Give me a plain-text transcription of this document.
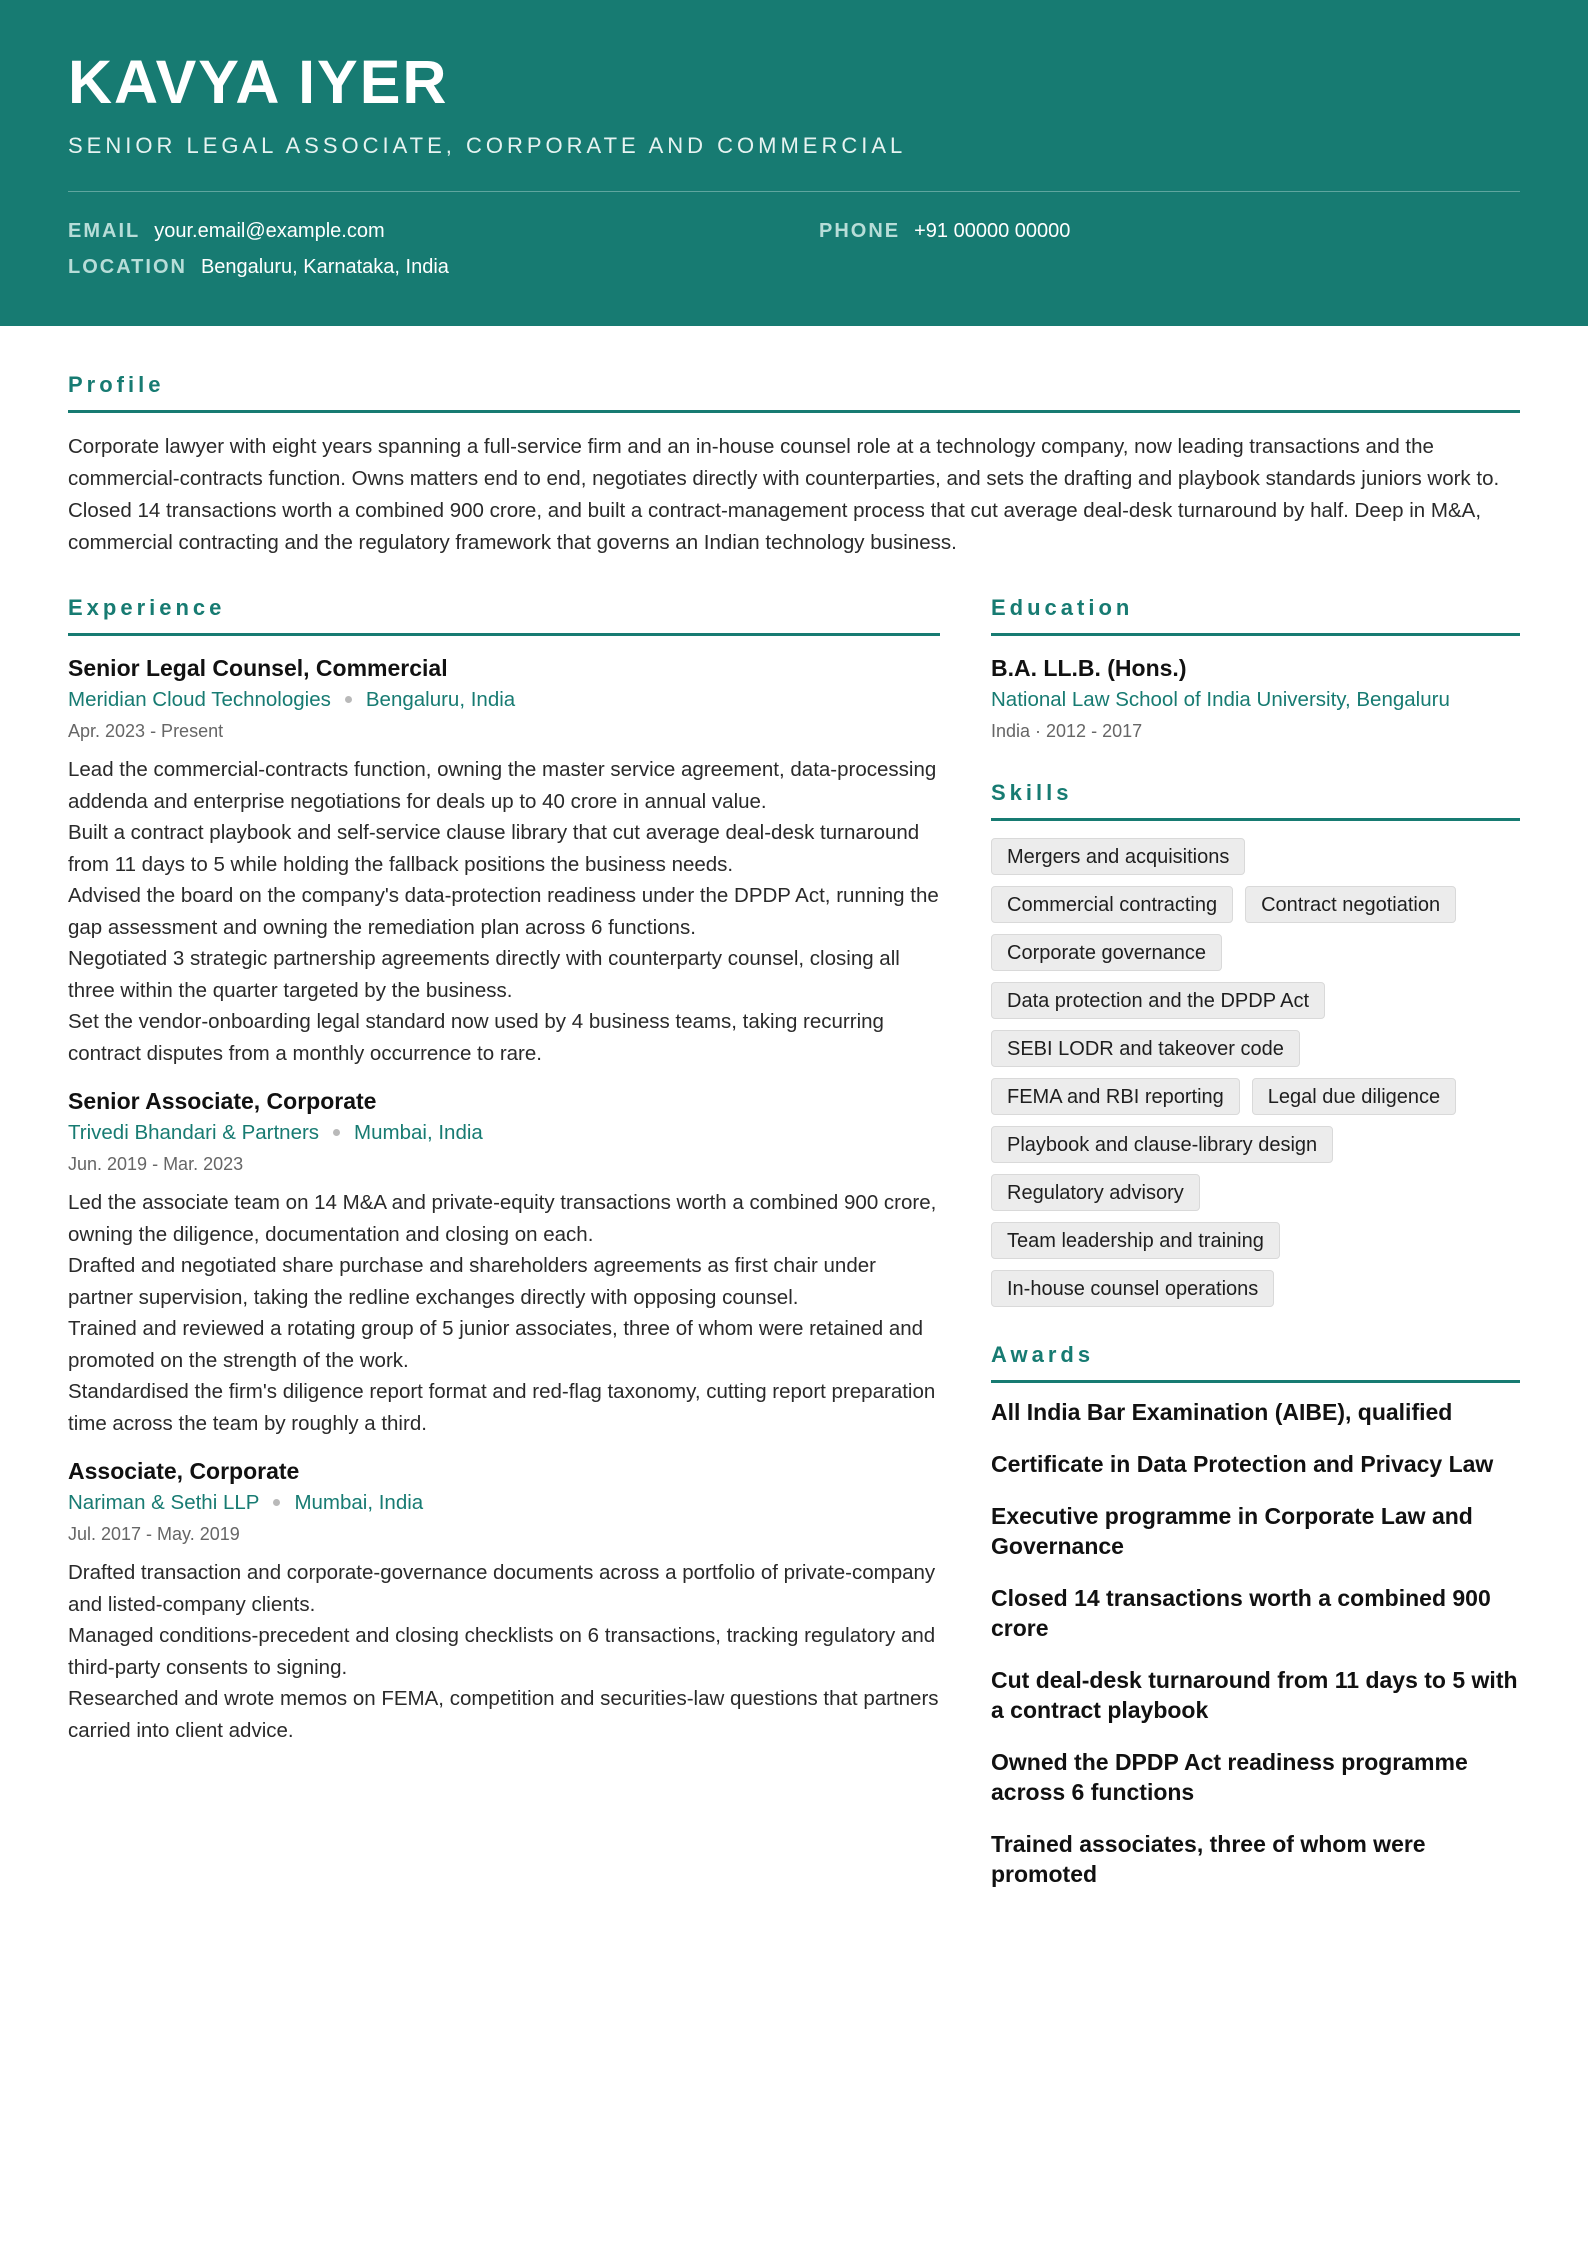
KAVYA IYER
SENIOR LEGAL ASSOCIATE, CORPORATE AND COMMERCIAL
EMAIL your.email@example.com	PHONE +91 00000 00000
LOCATION Bengaluru, Karnataka, India
Profile
Corporate lawyer with eight years spanning a full-service firm and an in-house counsel role at a technology company, now leading transactions and the commercial-contracts function. Owns matters end to end, negotiates directly with counterparties, and sets the drafting and playbook standards juniors work to. Closed 14 transactions worth a combined 900 crore, and built a contract-management process that cut average deal-desk turnaround by half. Deep in M&A, commercial contracting and the regulatory framework that governs an Indian technology business.
Experience
Senior Legal Counsel, Commercial
Meridian Cloud Technologies Bengaluru, India
Apr. 2023 - Present
Lead the commercial-contracts function, owning the master service agreement, data-processing addenda and enterprise negotiations for deals up to 40 crore in annual value.
Built a contract playbook and self-service clause library that cut average deal-desk turnaround from 11 days to 5 while holding the fallback positions the business needs.
Advised the board on the company's data-protection readiness under the DPDP Act, running the gap assessment and owning the remediation plan across 6 functions.
Negotiated 3 strategic partnership agreements directly with counterparty counsel, closing all three within the quarter targeted by the business.
Set the vendor-onboarding legal standard now used by 4 business teams, taking recurring contract disputes from a monthly occurrence to rare.
Senior Associate, Corporate
Trivedi Bhandari & Partners Mumbai, India
Jun. 2019 - Mar. 2023
Led the associate team on 14 M&A and private-equity transactions worth a combined 900 crore, owning the diligence, documentation and closing on each.
Drafted and negotiated share purchase and shareholders agreements as first chair under partner supervision, taking the redline exchanges directly with opposing counsel.
Trained and reviewed a rotating group of 5 junior associates, three of whom were retained and promoted on the strength of the work.
Standardised the firm's diligence report format and red-flag taxonomy, cutting report preparation time across the team by roughly a third.
Associate, Corporate
Nariman & Sethi LLP Mumbai, India
Jul. 2017 - May. 2019
Drafted transaction and corporate-governance documents across a portfolio of private-company and listed-company clients.
Managed conditions-precedent and closing checklists on 6 transactions, tracking regulatory and third-party consents to signing.
Researched and wrote memos on FEMA, competition and securities-law questions that partners carried into client advice.
Education
B.A. LL.B. (Hons.)
National Law School of India University, Bengaluru
India · 2012 - 2017
Skills
Mergers and acquisitions
Commercial contracting	Contract negotiation
Corporate governance
Data protection and the DPDP Act
SEBI LODR and takeover code
FEMA and RBI reporting	Legal due diligence
Playbook and clause-library design
Regulatory advisory
Team leadership and training
In-house counsel operations
Awards
All India Bar Examination (AIBE), qualified
Certificate in Data Protection and Privacy Law
Executive programme in Corporate Law and Governance
Closed 14 transactions worth a combined 900 crore
Cut deal-desk turnaround from 11 days to 5 with a contract playbook
Owned the DPDP Act readiness programme across 6 functions
Trained associates, three of whom were promoted
